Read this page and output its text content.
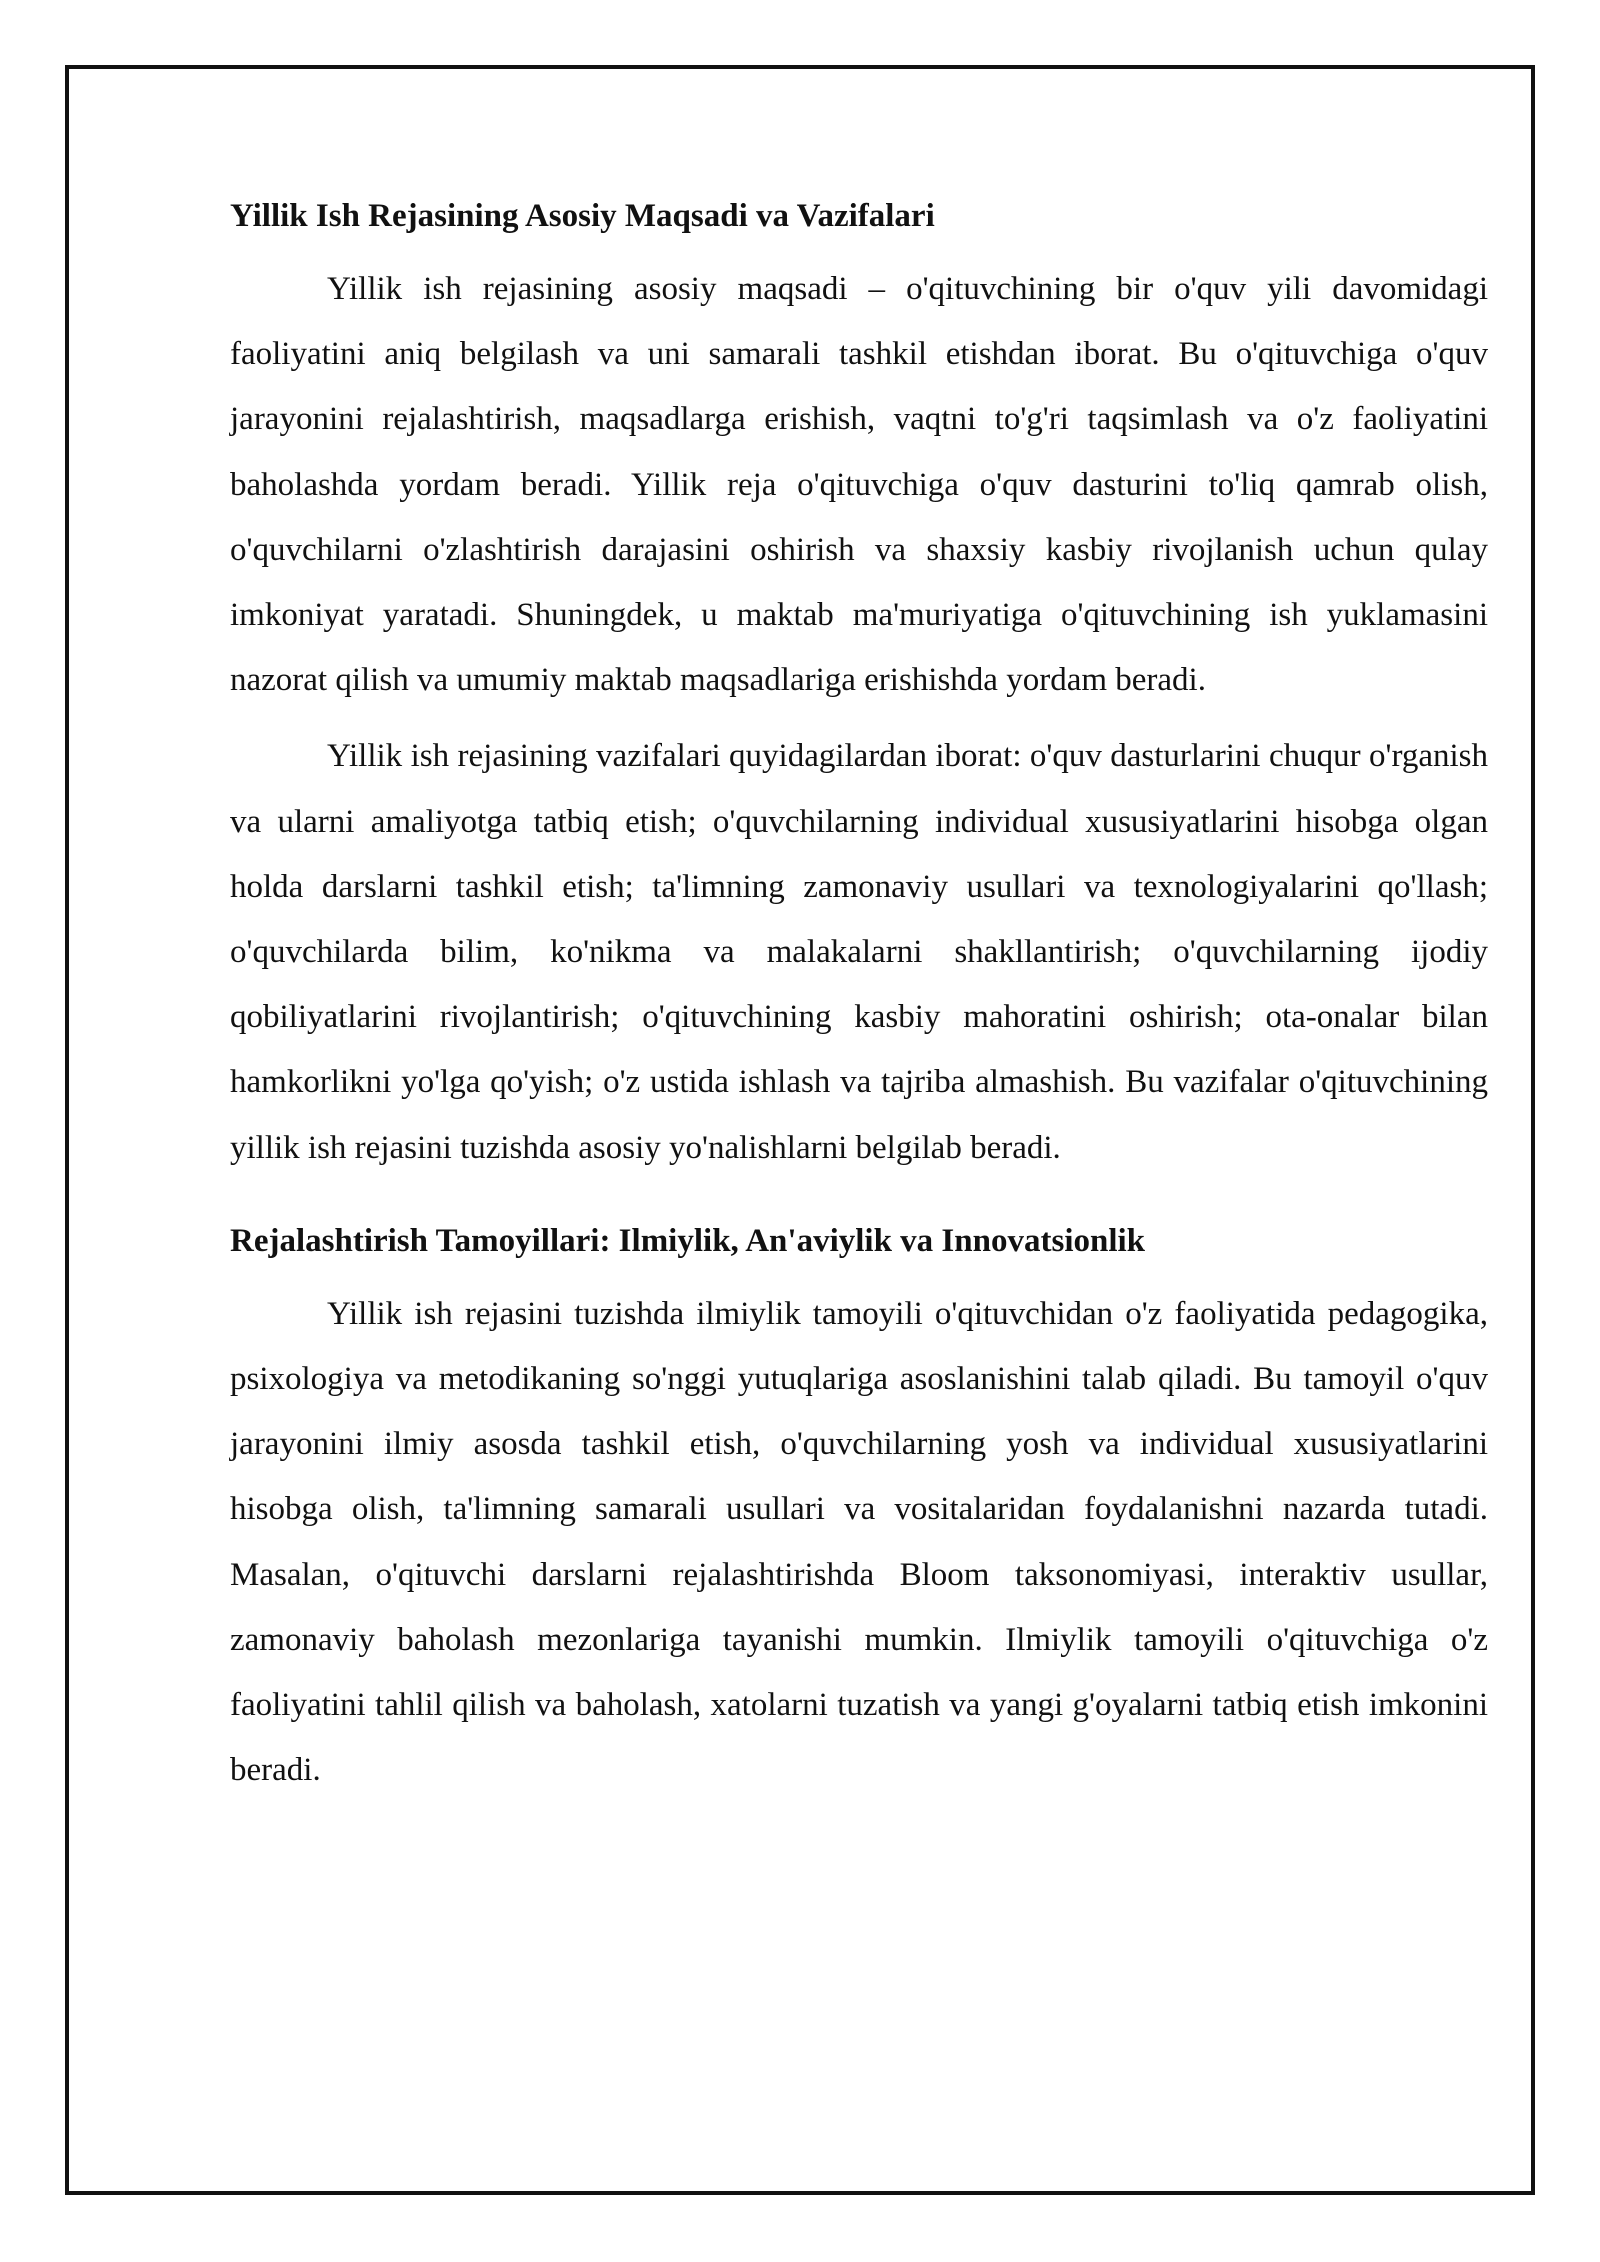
Yillik Ish Rejasining Asosiy Maqsadi va Vazifalari

Yillik ish rejasining asosiy maqsadi – o'qituvchining bir o'quv yili davomidagi faoliyatini aniq belgilash va uni samarali tashkil etishdan iborat. Bu o'qituvchiga o'quv jarayonini rejalashtirish, maqsadlarga erishish, vaqtni to'g'ri taqsimlash va o'z faoliyatini baholashda yordam beradi. Yillik reja o'qituvchiga o'quv dasturini to'liq qamrab olish, o'quvchilarni o'zlashtirish darajasini oshirish va shaxsiy kasbiy rivojlanish uchun qulay imkoniyat yaratadi. Shuningdek, u maktab ma'muriyatiga o'qituvchining ish yuklamasini nazorat qilish va umumiy maktab maqsadlariga erishishda yordam beradi.

Yillik ish rejasining vazifalari quyidagilardan iborat: o'quv dasturlarini chuqur o'rganish va ularni amaliyotga tatbiq etish; o'quvchilarning individual xususiyatlarini hisobga olgan holda darslarni tashkil etish; ta'limning zamonaviy usullari va texnologiyalarini qo'llash; o'quvchilarda bilim, ko'nikma va malakalarni shakllantirish; o'quvchilarning ijodiy qobiliyatlarini rivojlantirish; o'qituvchining kasbiy mahoratini oshirish; ota-onalar bilan hamkorlikni yo'lga qo'yish; o'z ustida ishlash va tajriba almashish. Bu vazifalar o'qituvchining yillik ish rejasini tuzishda asosiy yo'nalishlarni belgilab beradi.

Rejalashtirish Tamoyillari: Ilmiylik, An'aviylik va Innovatsionlik

Yillik ish rejasini tuzishda ilmiylik tamoyili o'qituvchidan o'z faoliyatida pedagogika, psixologiya va metodikaning so'nggi yutuqlariga asoslanishini talab qiladi. Bu tamoyil o'quv jarayonini ilmiy asosda tashkil etish, o'quvchilarning yosh va individual xususiyatlarini hisobga olish, ta'limning samarali usullari va vositalaridan foydalanishni nazarda tutadi. Masalan, o'qituvchi darslarni rejalashtirishda Bloom taksonomiyasi, interaktiv usullar, zamonaviy baholash mezonlariga tayanishi mumkin. Ilmiylik tamoyili o'qituvchiga o'z faoliyatini tahlil qilish va baholash, xatolarni tuzatish va yangi g'oyalarni tatbiq etish imkonini beradi.
